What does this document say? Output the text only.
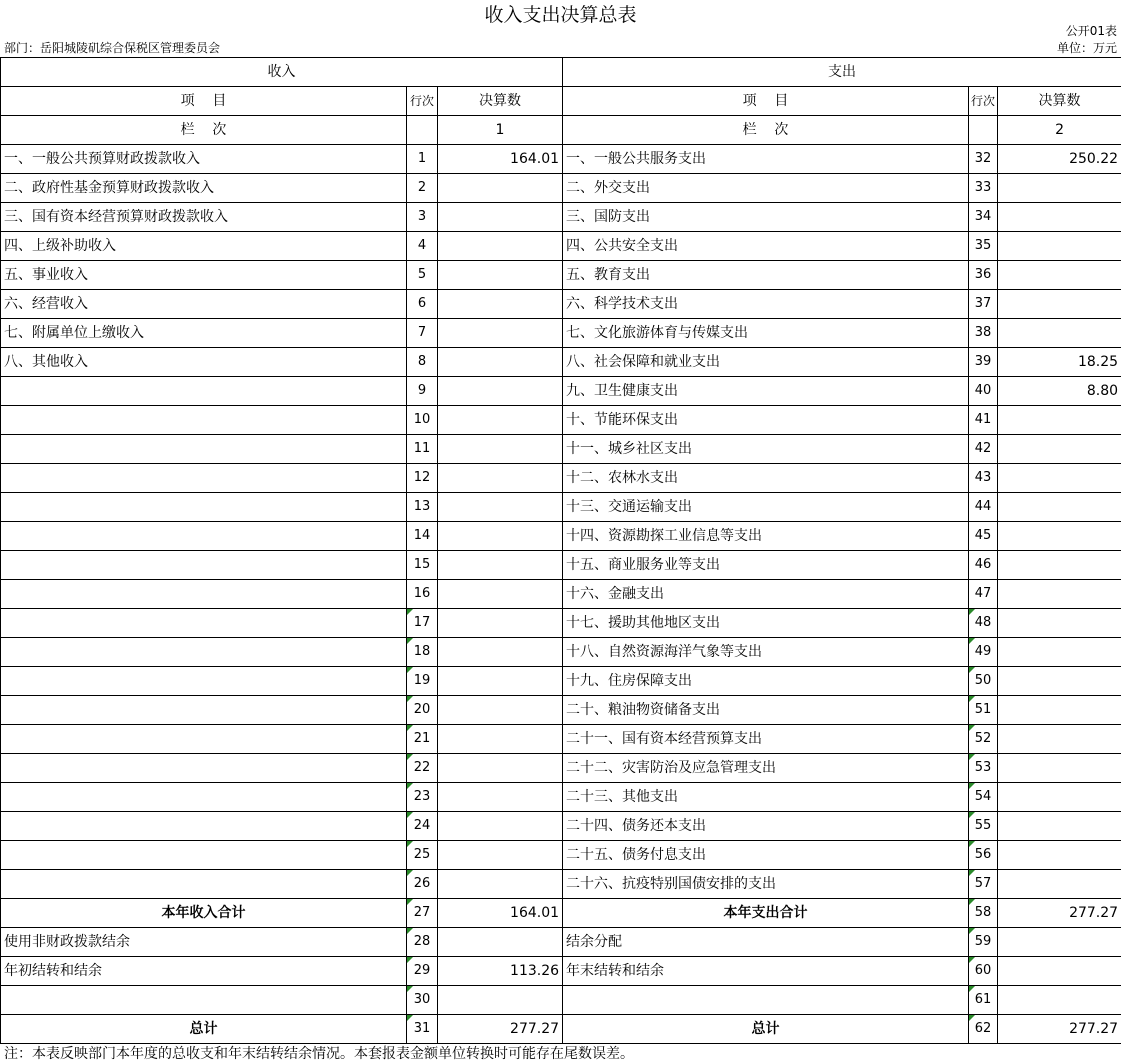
收入支出决算总表
公开01表
部门：岳阳城陵矶综合保税区管理委员会	单位：万元
收入			支出		
项    目	行次	决算数	项    目	行次	决算数
栏    次		1	栏    次		2
一、一般公共预算财政拨款收入	1	164.01	一、一般公共服务支出	32	250.22
二、政府性基金预算财政拨款收入	2		二、外交支出	33	
三、国有资本经营预算财政拨款收入	3		三、国防支出	34	
四、上级补助收入	4		四、公共安全支出	35	
五、事业收入	5		五、教育支出	36	
六、经营收入	6		六、科学技术支出	37	
七、附属单位上缴收入	7		七、文化旅游体育与传媒支出	38	
八、其他收入	8		八、社会保障和就业支出	39	18.25
	9		九、卫生健康支出	40	8.80
	10		十、节能环保支出	41	
	11		十一、城乡社区支出	42	
	12		十二、农林水支出	43	
	13		十三、交通运输支出	44	
	14		十四、资源勘探工业信息等支出	45	
	15		十五、商业服务业等支出	46	
	16		十六、金融支出	47	
	17		十七、援助其他地区支出	48	
	18		十八、自然资源海洋气象等支出	49	
	19		十九、住房保障支出	50	
	20		二十、粮油物资储备支出	51	
	21		二十一、国有资本经营预算支出	52	
	22		二十二、灾害防治及应急管理支出	53	
	23		二十三、其他支出	54	
	24		二十四、债务还本支出	55	
	25		二十五、债务付息支出	56	
	26		二十六、抗疫特别国债安排的支出	57	
本年收入合计	27	164.01	本年支出合计	58	277.27
使用非财政拨款结余	28		结余分配	59	
年初结转和结余	29	113.26	年末结转和结余	60	
	30			61	
总计	31	277.27	总计	62	277.27
注：本表反映部门本年度的总收支和年末结转结余情况。本套报表金额单位转换时可能存在尾数误差。
